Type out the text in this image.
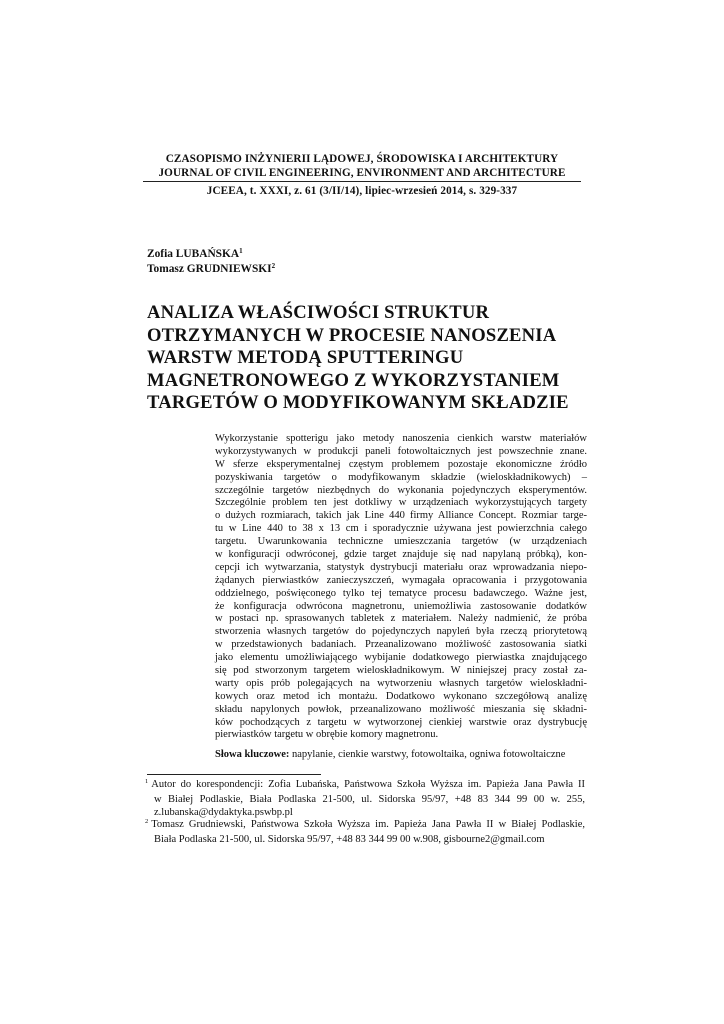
CZASOPISMO INŻYNIERII LĄDOWEJ, ŚRODOWISKA I ARCHITEKTURY
JOURNAL OF CIVIL ENGINEERING, ENVIRONMENT AND ARCHITECTURE
JCEEA, t. XXXI, z. 61 (3/II/14), lipiec-wrzesień 2014, s. 329-337
Zofia LUBAŃSKA$^1$
Tomasz GRUDNIEWSKI$^2$
ANALIZA WŁAŚCIWOŚCI STRUKTUR
OTRZYMANYCH W PROCESIE NANOSZENIA
WARSTW METODĄ SPUTTERINGU
MAGNETRONOWEGO Z WYKORZYSTANIEM
TARGETÓW O MODYFIKOWANYM SKŁADZIE
Wykorzystanie spotterigu jako metody nanoszenia cienkich warstw materiałów
wykorzystywanych w produkcji paneli fotowoltaicznych jest powszechnie znane.
W sferze eksperymentalnej częstym problemem pozostaje ekonomiczne źródło
pozyskiwania targetów o modyfikowanym składzie (wieloskładnikowych) –
szczególnie targetów niezbędnych do wykonania pojedynczych eksperymentów.
Szczególnie problem ten jest dotkliwy w urządzeniach wykorzystujących targety
o dużych rozmiarach, takich jak Line 440 firmy Alliance Concept. Rozmiar targe-
tu w Line 440 to 38 x 13 cm i sporadycznie używana jest powierzchnia całego
targetu. Uwarunkowania techniczne umieszczania targetów (w urządzeniach
w konfiguracji odwróconej, gdzie target znajduje się nad napylaną próbką), kon-
cepcji ich wytwarzania, statystyk dystrybucji materiału oraz wprowadzania niepo-
żądanych pierwiastków zanieczyszczeń, wymagała opracowania i przygotowania
oddzielnego, poświęconego tylko tej tematyce procesu badawczego. Ważne jest,
że konfiguracja odwrócona magnetronu, uniemożliwia zastosowanie dodatków
w postaci np. sprasowanych tabletek z materiałem. Należy nadmienić, że próba
stworzenia własnych targetów do pojedynczych napyleń była rzeczą priorytetową
w przedstawionych badaniach. Przeanalizowano możliwość zastosowania siatki
jako elementu umożliwiającego wybijanie dodatkowego pierwiastka znajdującego
się pod stworzonym targetem wieloskładnikowym. W niniejszej pracy został za-
warty opis prób polegających na wytworzeniu własnych targetów wieloskładni-
kowych oraz metod ich montażu. Dodatkowo wykonano szczegółową analizę
składu napylonych powłok, przeanalizowano możliwość mieszania się składni-
ków pochodzących z targetu w wytworzonej cienkiej warstwie oraz dystrybucję
pierwiastków targetu w obrębie komory magnetronu.
Słowa kluczowe: napylanie, cienkie warstwy, fotowoltaika, ogniwa fotowoltaiczne
$^1$ Autor do korespondencji: Zofia Lubańska, Państwowa Szkoła Wyższa im. Papieża Jana Pawła II
w Białej Podlaskie, Biała Podlaska 21-500, ul. Sidorska 95/97, +48 83 344 99 00 w. 255,
z.lubanska@dydaktyka.pswbp.pl
$^2$ Tomasz Grudniewski, Państwowa Szkoła Wyższa im. Papieża Jana Pawła II w Białej Podlaskie,
Biała Podlaska 21-500, ul. Sidorska 95/97, +48 83 344 99 00 w.908, gisbourne2@gmail.com
